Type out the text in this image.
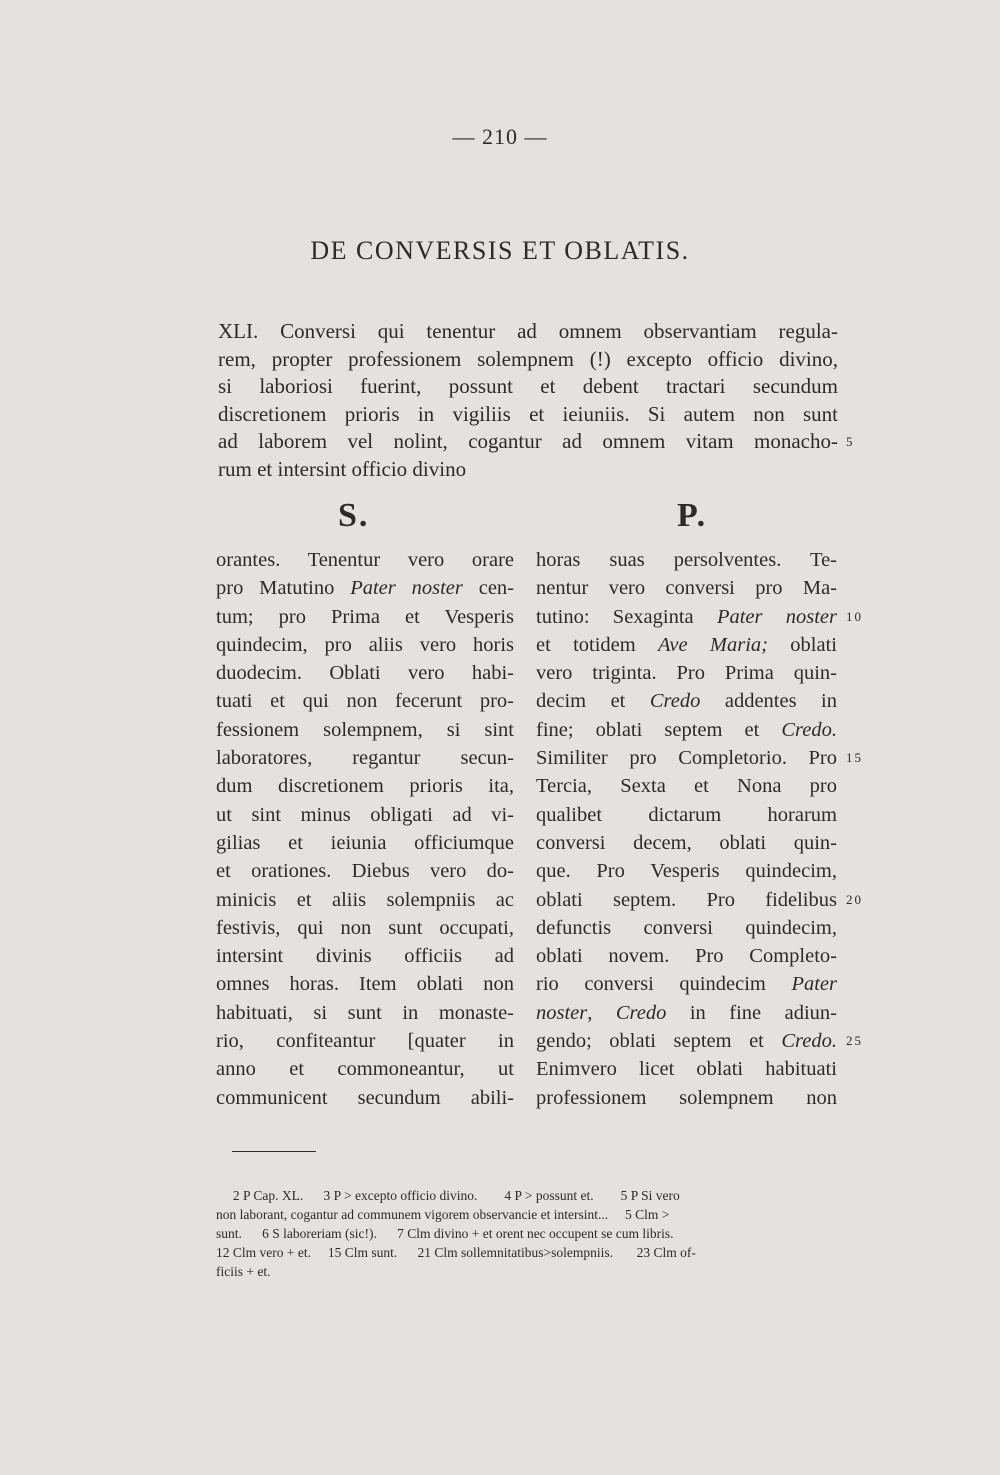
— 210 —
DE CONVERSIS ET OBLATIS.
XLI. Conversi qui tenentur ad omnem observantiam regula-
rem, propter professionem solempnem (!) excepto officio divino,
si laboriosi fuerint, possunt et debent tractari secundum
discretionem prioris in vigiliis et ieiuniis. Si autem non sunt
ad laborem vel nolint, cogantur ad omnem vitam monacho-
rum et intersint officio divino
S.	P.
orantes. Tenentur vero orare
pro Matutino Pater noster cen-
tum; pro Prima et Vesperis
quindecim, pro aliis vero horis
duodecim. Oblati vero habi-
tuati et qui non fecerunt pro-
fessionem solempnem, si sint
laboratores, regantur secun-
dum discretionem prioris ita,
ut sint minus obligati ad vi-
gilias et ieiunia officiumque
et orationes. Diebus vero do-
minicis et aliis solempniis ac
festivis, qui non sunt occupati,
intersint divinis officiis ad
omnes horas. Item oblati non
habituati, si sunt in monaste-
rio, confiteantur [quater in
anno et commoneantur, ut
communicent secundum abili-
horas suas persolventes. Te-
nentur vero conversi pro Ma-
tutino: Sexaginta Pater noster
et totidem Ave Maria; oblati
vero triginta. Pro Prima quin-
decim et Credo addentes in
fine; oblati septem et Credo.
Similiter pro Completorio. Pro
Tercia, Sexta et Nona pro
qualibet dictarum horarum
conversi decem, oblati quin-
que. Pro Vesperis quindecim,
oblati septem. Pro fidelibus
defunctis conversi quindecim,
oblati novem. Pro Completo-
rio conversi quindecim Pater
noster, Credo in fine adiun-
gendo; oblati septem et Credo.
Enimvero licet oblati habituati
professionem solempnem non
5
10
15
20
25
2 P Cap. XL.      3 P > excepto officio divino.        4 P > possunt et.        5 P Si vero
non laborant, cogantur ad communem vigorem observancie et intersint...     5 Clm >
sunt.      6 S laboreriam (sic!).      7 Clm divino + et orent nec occupent se cum libris.
12 Clm vero + et.     15 Clm sunt.      21 Clm sollemnitatibus>solempniis.       23 Clm of-
ficiis + et.
